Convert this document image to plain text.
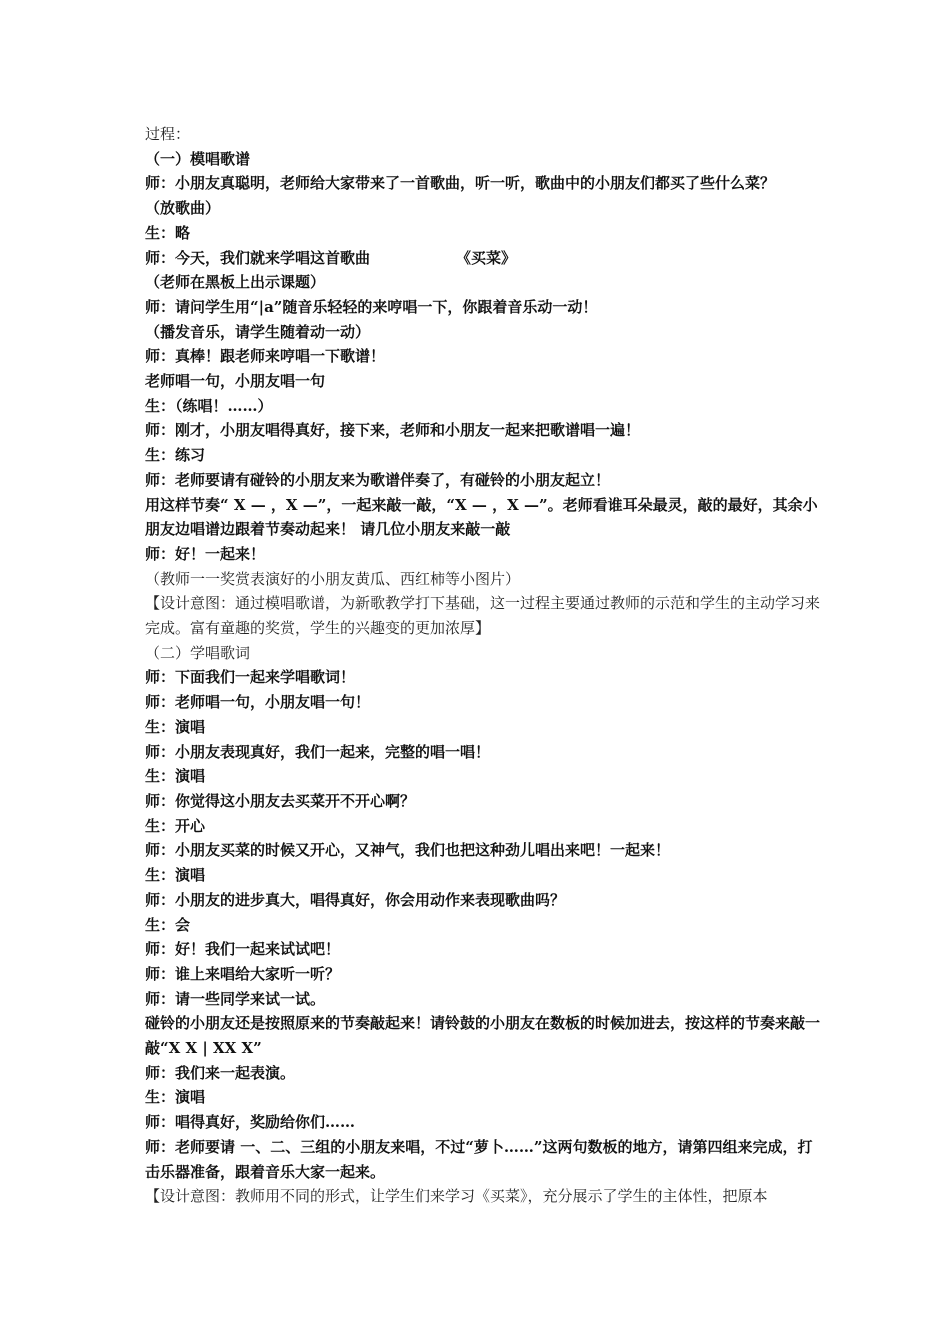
过程：
（一）模唱歌谱
师：小朋友真聪明，老师给大家带来了一首歌曲，听一听，歌曲中的小朋友们都买了些什么菜？
（放歌曲）
生：略
师：今天，我们就来学唱这首歌曲	《买菜》
（老师在黑板上出示课题）
师：请问学生用“|a”随音乐轻轻的来哼唱一下，你跟着音乐动一动！
（播发音乐，请学生随着动一动）
师：真棒！跟老师来哼唱一下歌谱！
老师唱一句，小朋友唱一句
生：（练唱！……）
师：刚才，小朋友唱得真好，接下来，老师和小朋友一起来把歌谱唱一遍！
生：练习
师：老师要请有碰铃的小朋友来为歌谱伴奏了，有碰铃的小朋友起立！
用这样节奏“ X — ，X —”，一起来敲一敲，“X — ，X —”。老师看谁耳朵最灵，敲的最好，其余小朋友边唱谱边跟着节奏动起来！ 请几位小朋友来敲一敲
师：好！一起来！
（教师一一奖赏表演好的小朋友黄瓜、西红柿等小图片）
【设计意图：通过模唱歌谱，为新歌教学打下基础，这一过程主要通过教师的示范和学生的主动学习来完成。富有童趣的奖赏，学生的兴趣变的更加浓厚】
（二）学唱歌词
师：下面我们一起来学唱歌词！
师：老师唱一句，小朋友唱一句！
生：演唱
师：小朋友表现真好，我们一起来，完整的唱一唱！
生：演唱
师：你觉得这小朋友去买菜开不开心啊？
生：开心
师：小朋友买菜的时候又开心，又神气，我们也把这种劲儿唱出来吧！一起来！
生：演唱
师：小朋友的进步真大，唱得真好，你会用动作来表现歌曲吗？
生：会
师：好！我们一起来试试吧！
师：谁上来唱给大家听一听？
师：请一些同学来试一试。
碰铃的小朋友还是按照原来的节奏敲起来！请铃鼓的小朋友在数板的时候加进去，按这样的节奏来敲一敲“X X | XX X”
师：我们来一起表演。
生：演唱
师：唱得真好，奖励给你们……
师：老师要请 一、二、三组的小朋友来唱，不过“萝卜……”这两句数板的地方，请第四组来完成，打击乐器准备，跟着音乐大家一起来。
【设计意图：教师用不同的形式，让学生们来学习《买菜》，充分展示了学生的主体性，把原本
